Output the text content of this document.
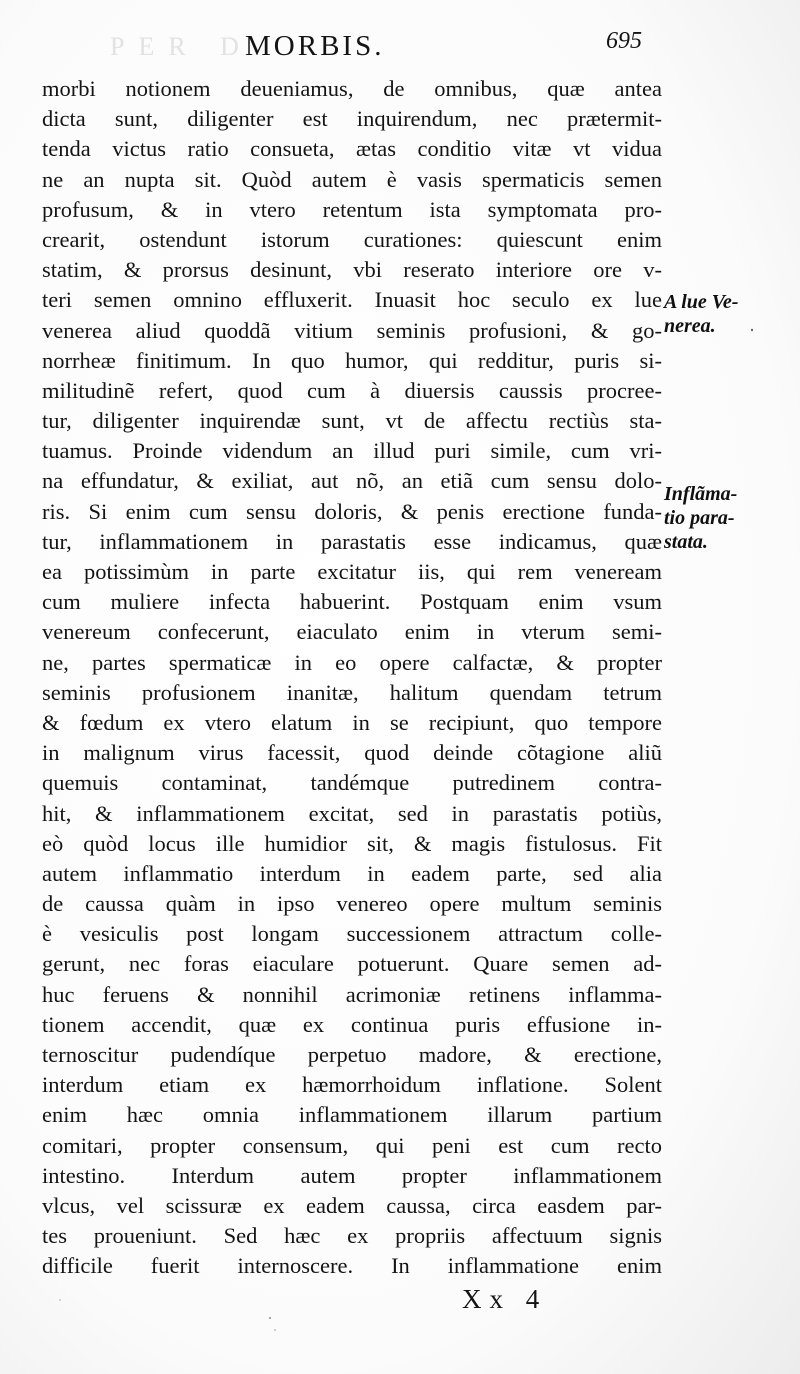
PER D
MORBIS.	695
morbi notionem deueniamus, de omnibus, quæ antea
dicta sunt, diligenter est inquirendum, nec prætermit-
tenda victus ratio consueta, ætas conditio vitæ vt vidua
ne an nupta sit. Quòd autem è vasis spermaticis semen
profusum, & in vtero retentum ista symptomata pro-
crearit, ostendunt istorum curationes: quiescunt enim
statim, & prorsus desinunt, vbi reserato interiore ore v-
teri semen omnino effluxerit. Inuasit hoc seculo ex lue
venerea aliud quoddã vitium seminis profusioni, & go-
norrheæ finitimum. In quo humor, qui redditur, puris si-
militudinẽ refert, quod cum à diuersis caussis procree-
tur, diligenter inquirendæ sunt, vt de affectu rectiùs sta-
tuamus. Proinde videndum an illud puri simile, cum vri-
na effundatur, & exiliat, aut nõ, an etiã cum sensu dolo-
ris. Si enim cum sensu doloris, & penis erectione funda-
tur, inflammationem in parastatis esse indicamus, quæ
ea potissimùm in parte excitatur iis, qui rem veneream
cum muliere infecta habuerint. Postquam enim vsum
venereum confecerunt, eiaculato enim in vterum semi-
ne, partes spermaticæ in eo opere calfactæ, & propter
seminis profusionem inanitæ, halitum quendam tetrum
& fœdum ex vtero elatum in se recipiunt, quo tempore
in malignum virus facessit, quod deinde cõtagione aliũ
quemuis contaminat, tandémque putredinem contra-
hit, & inflammationem excitat, sed in parastatis potiùs,
eò quòd locus ille humidior sit, & magis fistulosus. Fit
autem inflammatio interdum in eadem parte, sed alia
de caussa quàm in ipso venereo opere multum seminis
è vesiculis post longam successionem attractum colle-
gerunt, nec foras eiaculare potuerunt. Quare semen ad-
huc feruens & nonnihil acrimoniæ retinens inflamma-
tionem accendit, quæ ex continua puris effusione in-
ternoscitur pudendíque perpetuo madore, & erectione,
interdum etiam ex hæmorrhoidum inflatione. Solent
enim hæc omnia inflammationem illarum partium
comitari, propter consensum, qui peni est cum recto
intestino. Interdum autem propter inflammationem
vlcus, vel scissuræ ex eadem caussa, circa easdem par-
tes proueniunt. Sed hæc ex propriis affectuum signis
difficile fuerit internoscere. In inflammatione enim
A lue Ve-
nerea.
Inflãma-
tio para-
stata.
Xx 4
